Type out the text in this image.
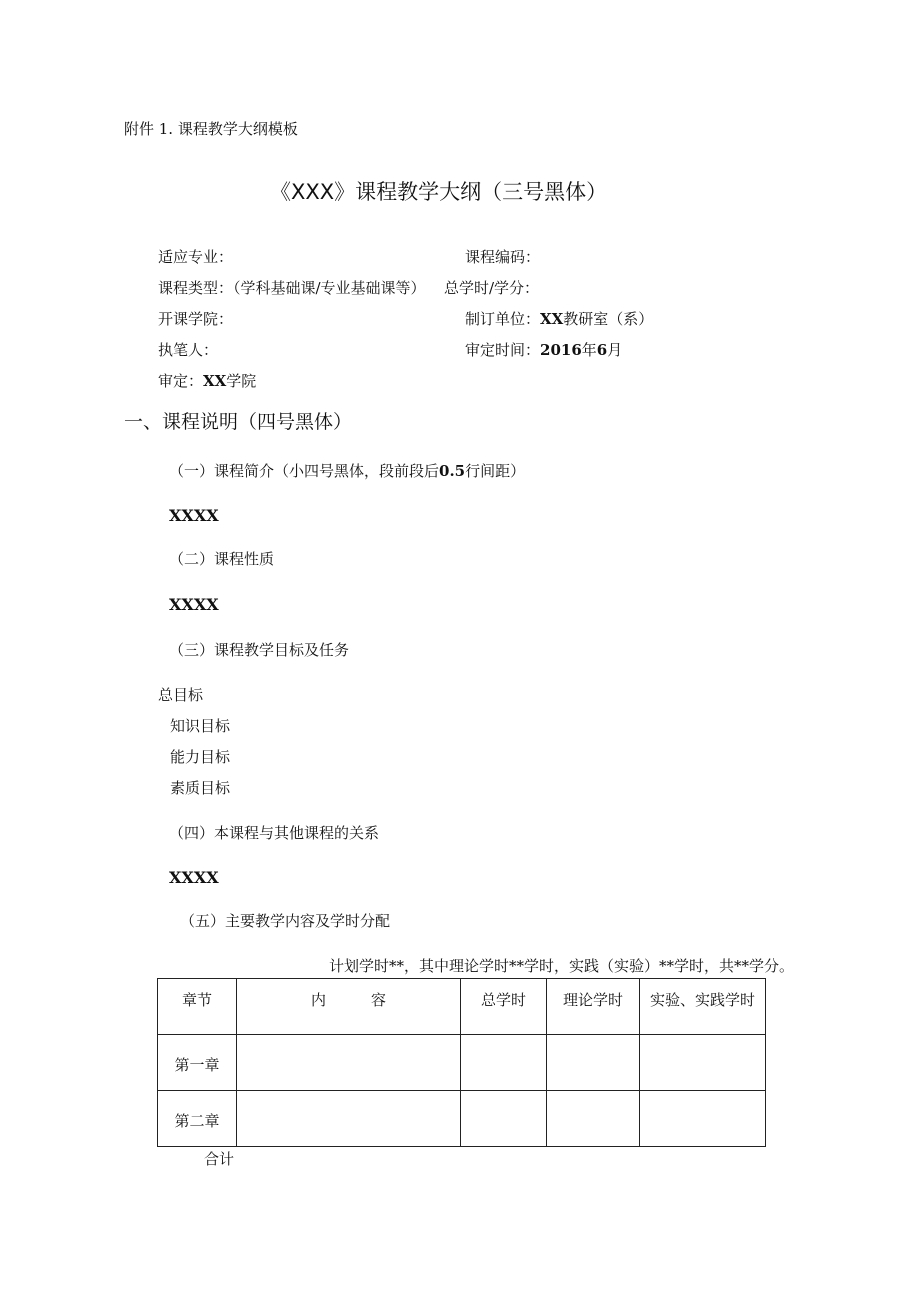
附件 1. 课程教学大纲模板
《XXX》课程教学大纲（三号黑体）
适应专业：	课程编码：
课程类型：（学科基础课/专业基础课等） 总学时/学分：
开课学院：	制订单位：XX教研室（系）
执笔人：	审定时间：2016年6月
审定：XX学院
一、课程说明（四号黑体）
（一）课程简介（小四号黑体，段前段后0.5行间距）
XXXX
（二）课程性质
XXXX
（三）课程教学目标及任务
总目标
知识目标
能力目标
素质目标
（四）本课程与其他课程的关系
XXXX
（五）主要教学内容及学时分配
计划学时**，其中理论学时**学时，实践（实验）**学时，共**学分。
章节	内　　　容	总学时	理论学时	实验、实践学时

第一章				

第二章				

合计
